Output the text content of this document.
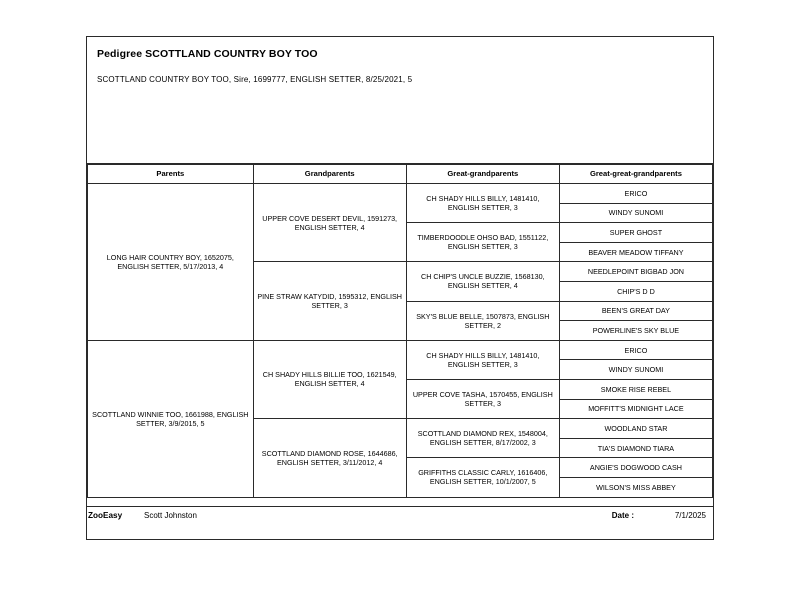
Pedigree SCOTTLAND COUNTRY BOY TOO
SCOTTLAND COUNTRY BOY TOO, Sire, 1699777, ENGLISH SETTER, 8/25/2021, 5
Parents	Grandparents	Great-grandparents	Great-great-grandparents
LONG HAIR COUNTRY BOY, 1652075, ENGLISH SETTER, 5/17/2013, 4	UPPER COVE DESERT DEVIL, 1591273, ENGLISH SETTER, 4	CH SHADY HILLS BILLY, 1481410, ENGLISH SETTER, 3	ERICO
			WINDY SUNOMI
		TIMBERDOODLE OHSO BAD, 1551122, ENGLISH SETTER, 3	SUPER GHOST
			BEAVER MEADOW TIFFANY
	PINE STRAW KATYDID, 1595312, ENGLISH SETTER, 3	CH CHIP'S UNCLE BUZZIE, 1568130, ENGLISH SETTER, 4	NEEDLEPOINT BIGBAD JON
			CHIP'S D D
		SKY'S BLUE BELLE, 1507873, ENGLISH SETTER, 2	BEEN'S GREAT DAY
			POWERLINE'S SKY BLUE
SCOTTLAND WINNIE TOO, 1661988, ENGLISH SETTER, 3/9/2015, 5	CH SHADY HILLS BILLIE TOO, 1621549, ENGLISH SETTER, 4	CH SHADY HILLS BILLY, 1481410, ENGLISH SETTER, 3	ERICO
			WINDY SUNOMI
		UPPER COVE TASHA, 1570455, ENGLISH SETTER, 3	SMOKE RISE REBEL
			MOFFITT'S MIDNIGHT LACE
	SCOTTLAND DIAMOND ROSE, 1644686, ENGLISH SETTER, 3/11/2012, 4	SCOTTLAND DIAMOND REX, 1548004, ENGLISH SETTER, 8/17/2002, 3	WOODLAND STAR
			TIA'S DIAMOND TIARA
		GRIFFITHS CLASSIC CARLY, 1616406, ENGLISH SETTER, 10/1/2007, 5	ANGIE'S DOGWOOD CASH
			WILSON'S MISS ABBEY
ZooEasy	Scott Johnston	Date :	7/1/2025
